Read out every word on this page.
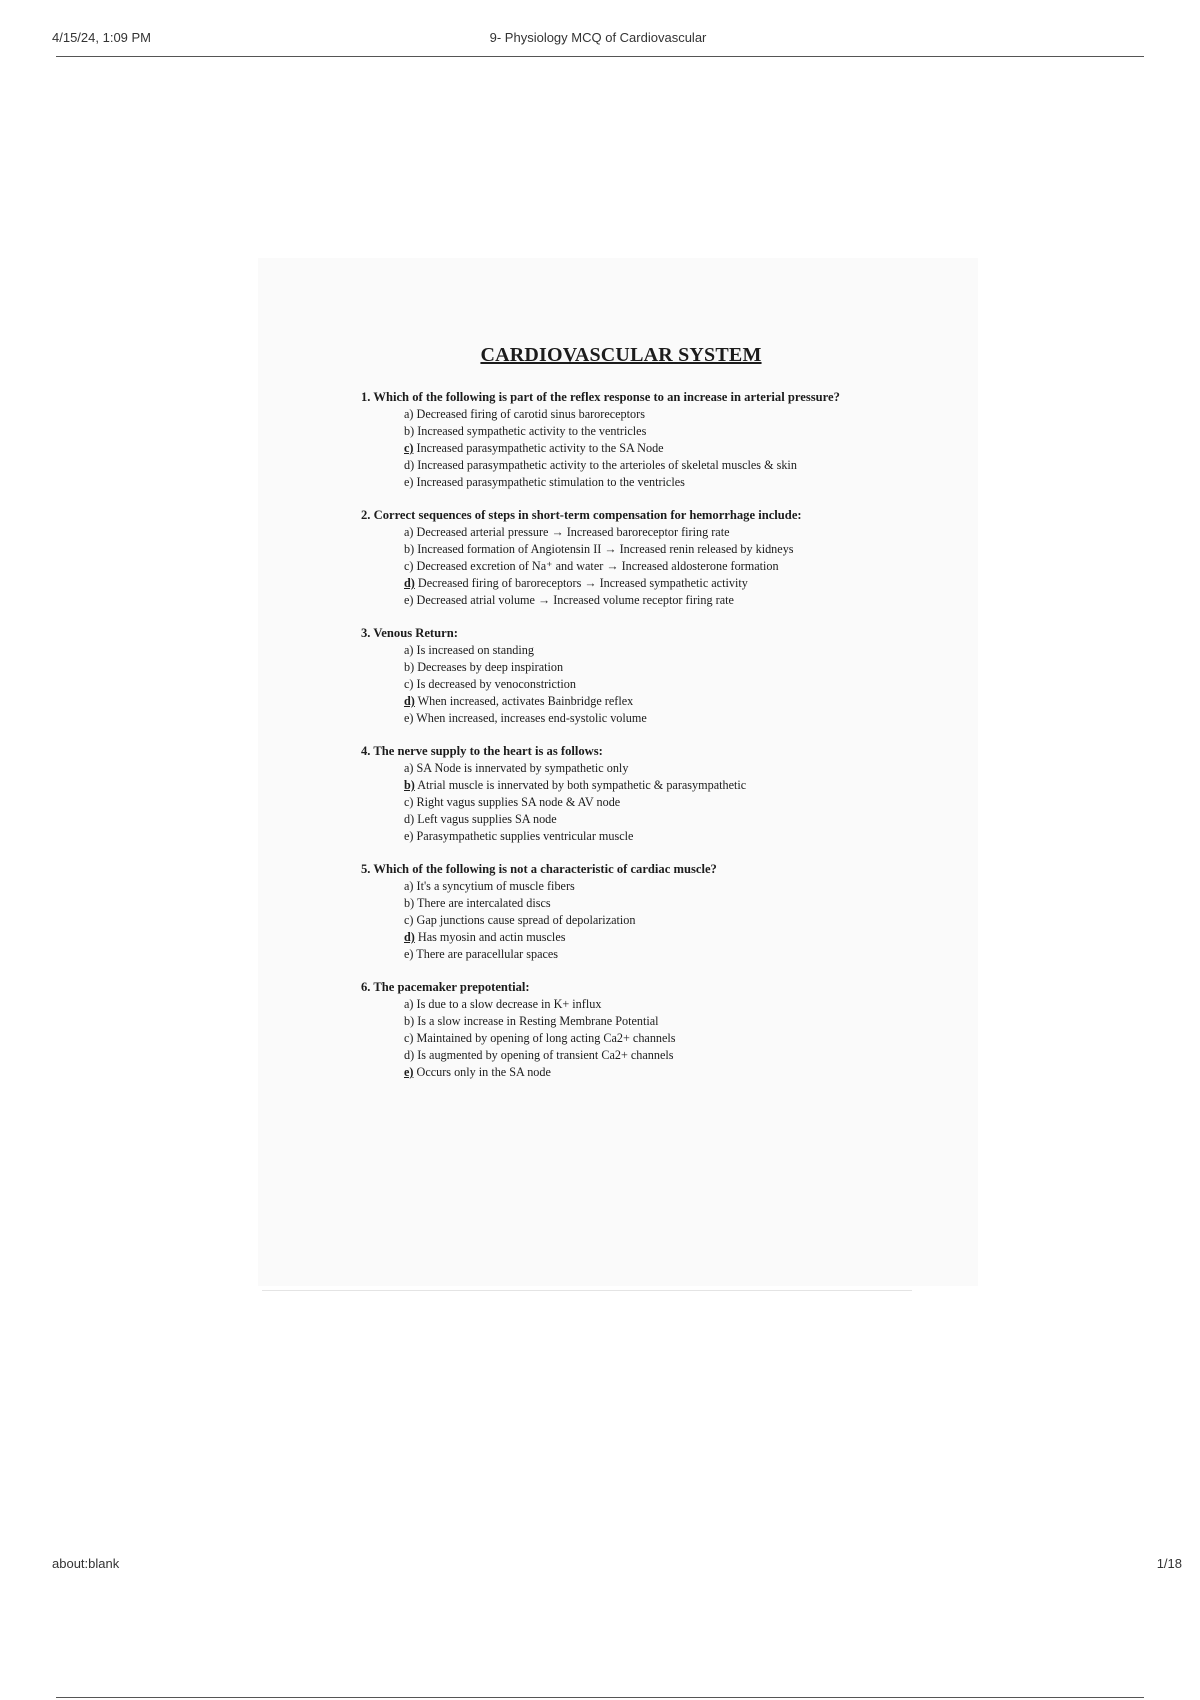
4/15/24, 1:09 PM	9- Physiology MCQ of Cardiovascular
CARDIOVASCULAR SYSTEM
1. Which of the following is part of the reflex response to an increase in arterial pressure?
a) Decreased firing of carotid sinus baroreceptors
b) Increased sympathetic activity to the ventricles
c) Increased parasympathetic activity to the SA Node
d) Increased parasympathetic activity to the arterioles of skeletal muscles & skin
e) Increased parasympathetic stimulation to the ventricles
2. Correct sequences of steps in short-term compensation for hemorrhage include:
a) Decreased arterial pressure → Increased baroreceptor firing rate
b) Increased formation of Angiotensin II → Increased renin released by kidneys
c) Decreased excretion of Na⁺ and water → Increased aldosterone formation
d) Decreased firing of baroreceptors → Increased sympathetic activity
e) Decreased atrial volume → Increased volume receptor firing rate
3. Venous Return:
a) Is increased on standing
b) Decreases by deep inspiration
c) Is decreased by venoconstriction
d) When increased, activates Bainbridge reflex
e) When increased, increases end-systolic volume
4. The nerve supply to the heart is as follows:
a) SA Node is innervated by sympathetic only
b) Atrial muscle is innervated by both sympathetic & parasympathetic
c) Right vagus supplies SA node & AV node
d) Left vagus supplies SA node
e) Parasympathetic supplies ventricular muscle
5. Which of the following is not a characteristic of cardiac muscle?
a) It's a syncytium of muscle fibers
b) There are intercalated discs
c) Gap junctions cause spread of depolarization
d) Has myosin and actin muscles
e) There are paracellular spaces
6. The pacemaker prepotential:
a) Is due to a slow decrease in K+ influx
b) Is a slow increase in Resting Membrane Potential
c) Maintained by opening of long acting Ca2+ channels
d) Is augmented by opening of transient Ca2+ channels
e) Occurs only in the SA node
about:blank	1/18
